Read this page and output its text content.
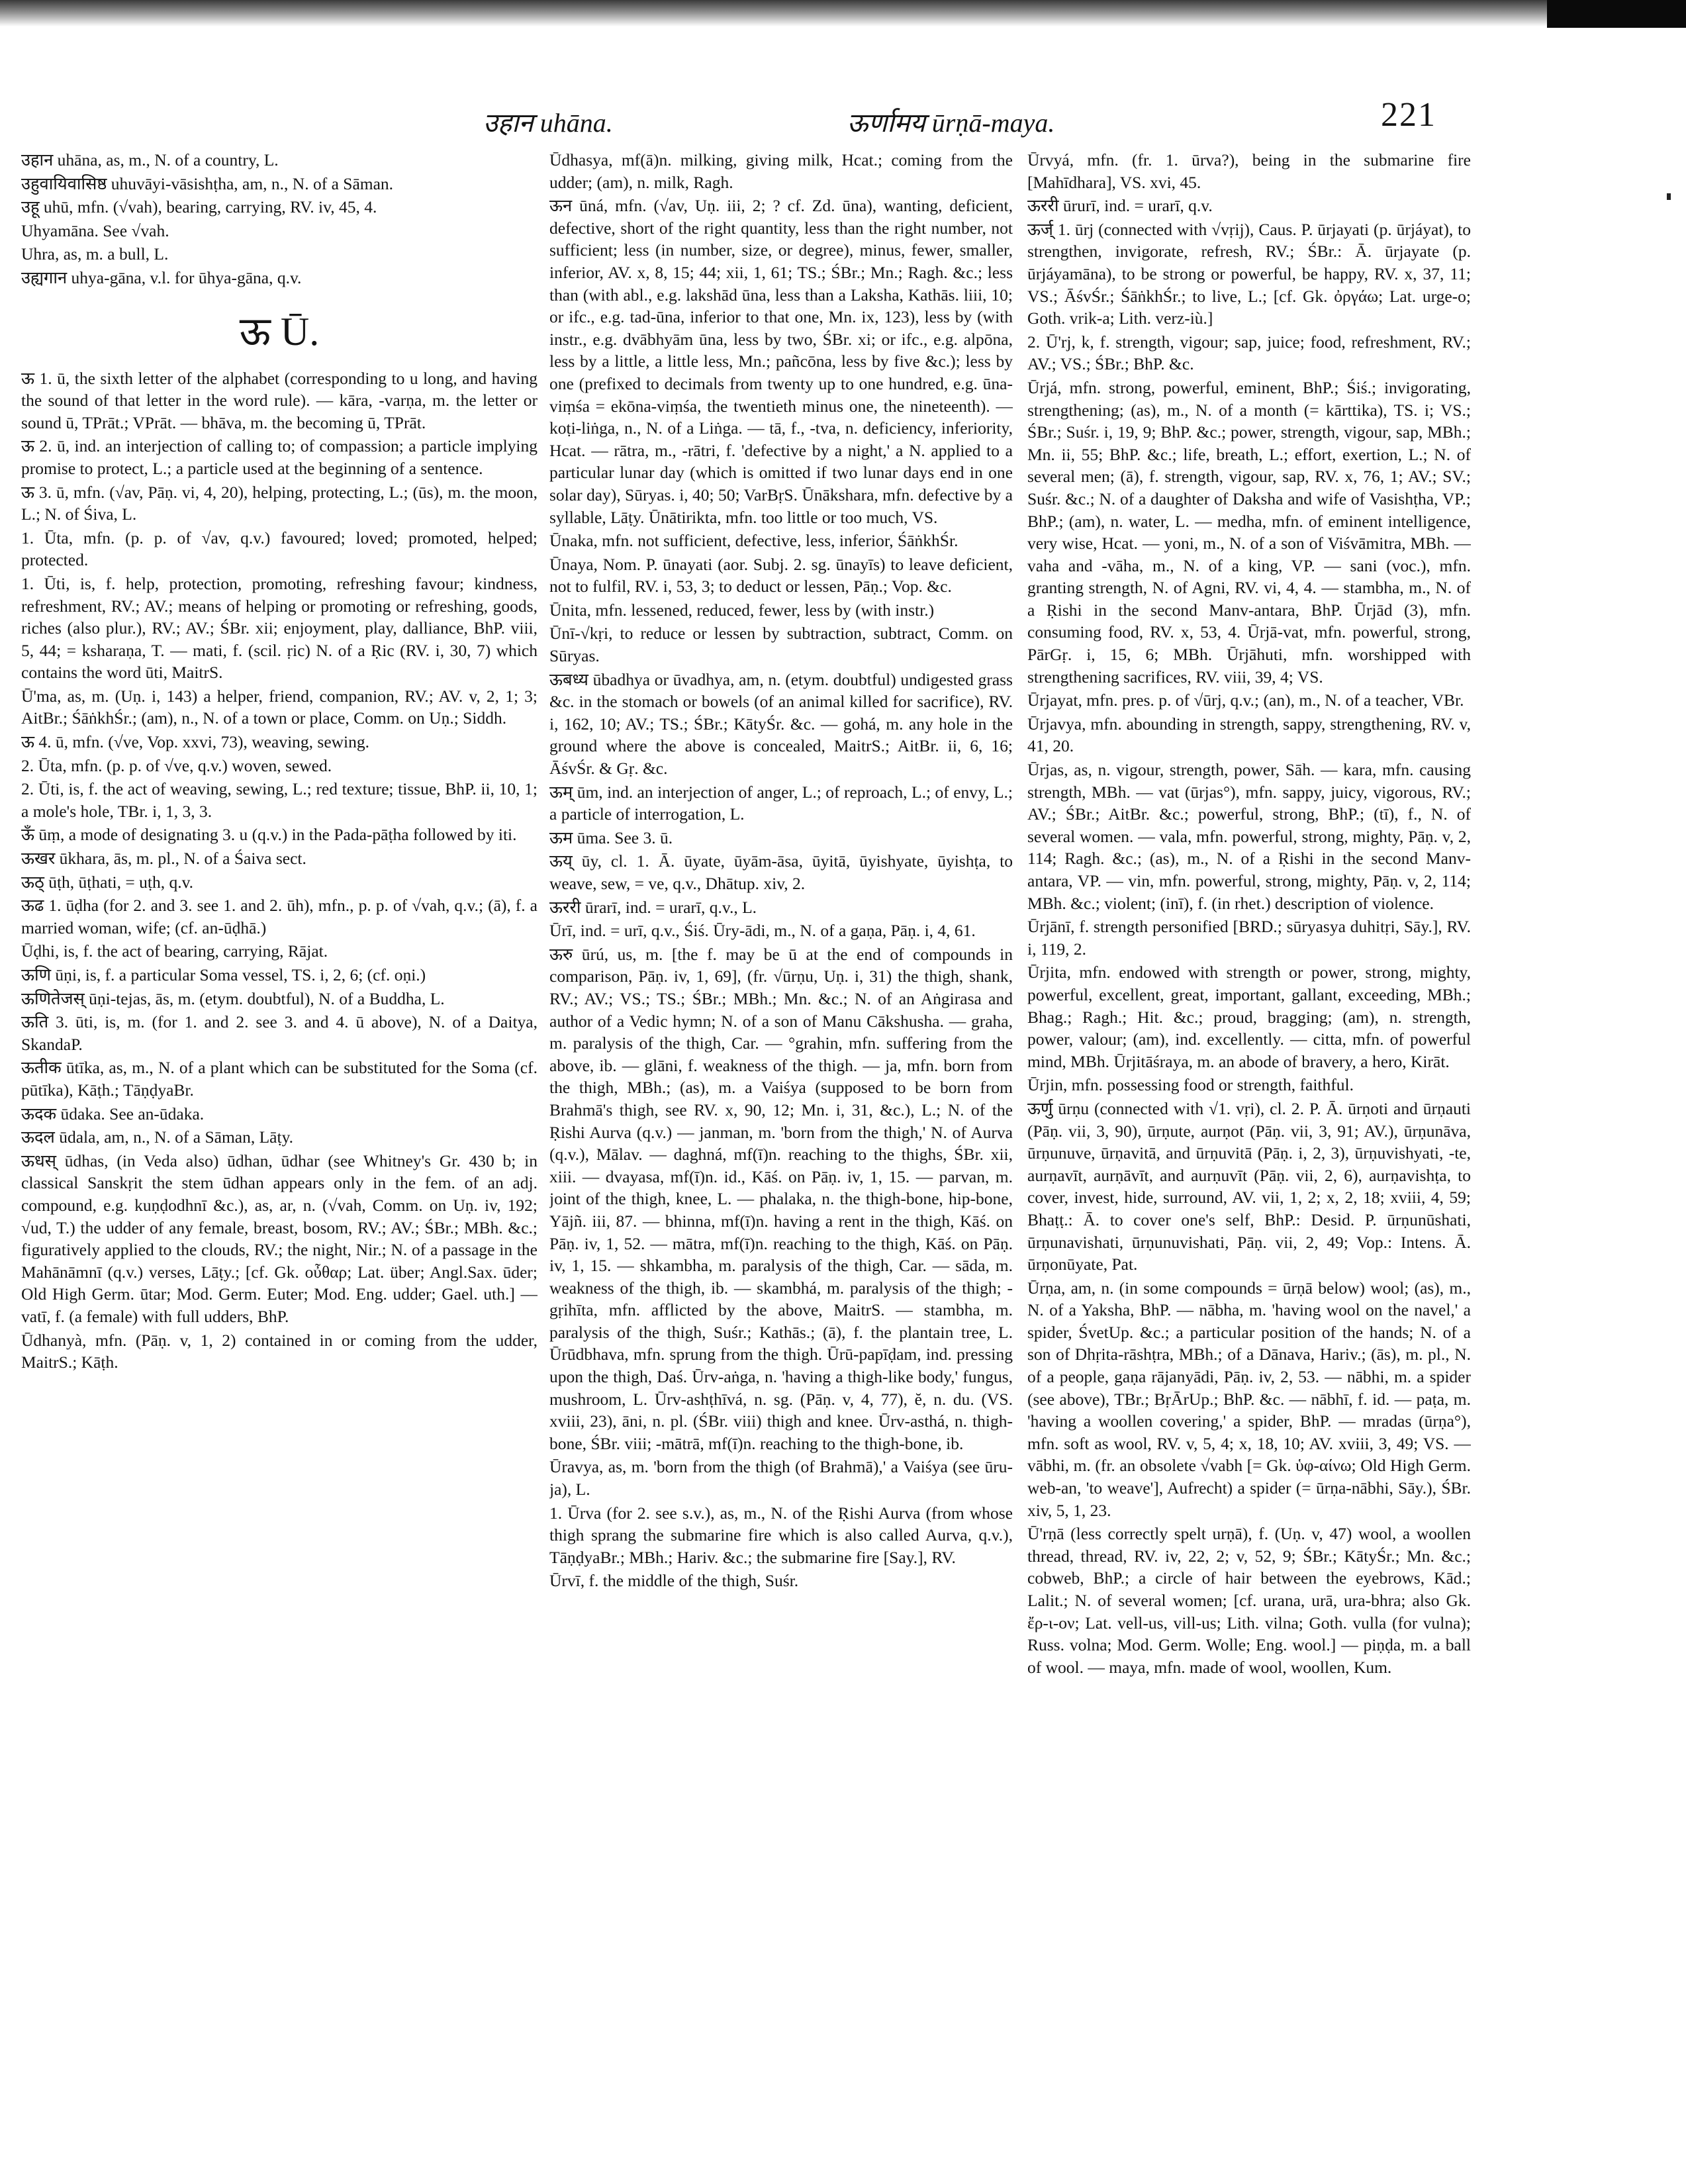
उहान uhāna.	ऊर्णामय ūrṇā-maya.	221
उहान uhāna, as, m., N. of a country, L.
उहुवायिवासिष्ठ uhuvāyi-vāsishṭha, am, n., N. of a Sāman.
उहू uhū, mfn. (√vah), bearing, carrying, RV. iv, 45, 4.
Uhyamāna. See √vah.
Uhra, as, m. a bull, L.
उह्यगान uhya-gāna, v.l. for ūhya-gāna, q.v.
ऊ Ū.
ऊ 1. ū, the sixth letter of the alphabet (corresponding to u long, and having the sound of that letter in the word rule). — kāra, -varṇa, m. the letter or sound ū, TPrāt.; VPrāt. — bhāva, m. the becoming ū, TPrāt.
ऊ 2. ū, ind. an interjection of calling to; of compassion; a particle implying promise to protect, L.; a particle used at the beginning of a sentence.
ऊ 3. ū, mfn. (√av, Pāṇ. vi, 4, 20), helping, protecting, L.; (ūs), m. the moon, L.; N. of Śiva, L.
1. Ūta, mfn. (p. p. of √av, q.v.) favoured; loved; promoted, helped; protected.
1. Ūti, is, f. help, protection, promoting, refreshing favour; kindness, refreshment, RV.; AV.; means of helping or promoting or refreshing, goods, riches (also plur.), RV.; AV.; ŚBr. xii; enjoyment, play, dalliance, BhP. viii, 5, 44; = ksharaṇa, T. — mati, f. (scil. ṛic) N. of a Ṛic (RV. i, 30, 7) which contains the word ūti, MaitrS.
Ū'ma, as, m. (Uṇ. i, 143) a helper, friend, companion, RV.; AV. v, 2, 1; 3; AitBr.; ŚāṅkhŚr.; (am), n., N. of a town or place, Comm. on Uṇ.; Siddh.
ऊ 4. ū, mfn. (√ve, Vop. xxvi, 73), weaving, sewing.
2. Ūta, mfn. (p. p. of √ve, q.v.) woven, sewed.
2. Ūti, is, f. the act of weaving, sewing, L.; red texture; tissue, BhP. ii, 10, 1; a mole's hole, TBr. i, 1, 3, 3.
ऊँ ūṃ, a mode of designating 3. u (q.v.) in the Pada-pāṭha followed by iti.
ऊखर ūkhara, ās, m. pl., N. of a Śaiva sect.
ऊठ् ūṭh, ūṭhati, = uṭh, q.v.
ऊढ 1. ūḍha (for 2. and 3. see 1. and 2. ūh), mfn., p. p. of √vah, q.v.; (ā), f. a married woman, wife; (cf. an-ūḍhā.)
Ūḍhi, is, f. the act of bearing, carrying, Rājat.
ऊणि ūṇi, is, f. a particular Soma vessel, TS. i, 2, 6; (cf. oṇi.)
ऊणितेजस् ūṇi-tejas, ās, m. (etym. doubtful), N. of a Buddha, L.
ऊति 3. ūti, is, m. (for 1. and 2. see 3. and 4. ū above), N. of a Daitya, SkandaP.
ऊतीक ūtīka, as, m., N. of a plant which can be substituted for the Soma (cf. pūtīka), Kāṭh.; TāṇḍyaBr.
ऊदक ūdaka. See an-ūdaka.
ऊदल ūdala, am, n., N. of a Sāman, Lāṭy.
ऊधस् ūdhas, (in Veda also) ūdhan, ūdhar (see Whitney's Gr. 430 b; in classical Sanskṛit the stem ūdhan appears only in the fem. of an adj. compound, e.g. kuṇḍodhnī &c.), as, ar, n. (√vah, Comm. on Uṇ. iv, 192; √ud, T.) the udder of any female, breast, bosom, RV.; AV.; ŚBr.; MBh. &c.; figuratively applied to the clouds, RV.; the night, Nir.; N. of a passage in the Mahānāmnī (q.v.) verses, Lāṭy.; [cf. Gk. οὖθαρ; Lat. über; Angl.Sax. ūder; Old High Germ. ūtar; Mod. Germ. Euter; Mod. Eng. udder; Gael. uth.] — vatī, f. (a female) with full udders, BhP.
Ūdhanyà, mfn. (Pāṇ. v, 1, 2) contained in or coming from the udder, MaitrS.; Kāṭh.
Ūdhasya, mf(ā)n. milking, giving milk, Hcat.; coming from the udder; (am), n. milk, Ragh.
ऊन ūná, mfn. (√av, Uṇ. iii, 2; ? cf. Zd. ūna), wanting, deficient, defective, short of the right quantity, less than the right number, not sufficient; less (in number, size, or degree), minus, fewer, smaller, inferior, AV. x, 8, 15; 44; xii, 1, 61; TS.; ŚBr.; Mn.; Ragh. &c.; less than (with abl., e.g. lakshād ūna, less than a Laksha, Kathās. liii, 10; or ifc., e.g. tad-ūna, inferior to that one, Mn. ix, 123), less by (with instr., e.g. dvābhyām ūna, less by two, ŚBr. xi; or ifc., e.g. alpōna, less by a little, a little less, Mn.; pañcōna, less by five &c.); less by one (prefixed to decimals from twenty up to one hundred, e.g. ūna-viṃśa = ekōna-viṃśa, the twentieth minus one, the nineteenth). — koṭi-liṅga, n., N. of a Liṅga. — tā, f., -tva, n. deficiency, inferiority, Hcat. — rātra, m., -rātri, f. 'defective by a night,' a N. applied to a particular lunar day (which is omitted if two lunar days end in one solar day), Sūryas. i, 40; 50; VarBṛS. Ūnākshara, mfn. defective by a syllable, Lāṭy. Ūnātirikta, mfn. too little or too much, VS.
Ūnaka, mfn. not sufficient, defective, less, inferior, ŚāṅkhŚr.
Ūnaya, Nom. P. ūnayati (aor. Subj. 2. sg. ūnayīs) to leave deficient, not to fulfil, RV. i, 53, 3; to deduct or lessen, Pāṇ.; Vop. &c.
Ūnita, mfn. lessened, reduced, fewer, less by (with instr.)
Ūnī-√kṛi, to reduce or lessen by subtraction, subtract, Comm. on Sūryas.
ऊबध्य ūbadhya or ūvadhya, am, n. (etym. doubtful) undigested grass &c. in the stomach or bowels (of an animal killed for sacrifice), RV. i, 162, 10; AV.; TS.; ŚBr.; KātyŚr. &c. — gohá, m. any hole in the ground where the above is concealed, MaitrS.; AitBr. ii, 6, 16; ĀśvŚr. & Gṛ. &c.
ऊम् ūm, ind. an interjection of anger, L.; of reproach, L.; of envy, L.; a particle of interrogation, L.
ऊम ūma. See 3. ū.
ऊय् ūy, cl. 1. Ā. ūyate, ūyām-āsa, ūyitā, ūyishyate, ūyishṭa, to weave, sew, = ve, q.v., Dhātup. xiv, 2.
ऊररी ūrarī, ind. = urarī, q.v., L.
Ūrī, ind. = urī, q.v., Śiś. Ūry-ādi, m., N. of a gaṇa, Pāṇ. i, 4, 61.
ऊरु ūrú, us, m. [the f. may be ū at the end of compounds in comparison, Pāṇ. iv, 1, 69], (fr. √ūrṇu, Uṇ. i, 31) the thigh, shank, RV.; AV.; VS.; TS.; ŚBr.; MBh.; Mn. &c.; N. of an Aṅgirasa and author of a Vedic hymn; N. of a son of Manu Cākshusha. — graha, m. paralysis of the thigh, Car. — °grahin, mfn. suffering from the above, ib. — glāni, f. weakness of the thigh. — ja, mfn. born from the thigh, MBh.; (as), m. a Vaiśya (supposed to be born from Brahmā's thigh, see RV. x, 90, 12; Mn. i, 31, &c.), L.; N. of the Ṛishi Aurva (q.v.) — janman, m. 'born from the thigh,' N. of Aurva (q.v.), Mālav. — daghná, mf(ī)n. reaching to the thighs, ŚBr. xii, xiii. — dvayasa, mf(ī)n. id., Kāś. on Pāṇ. iv, 1, 15. — parvan, m. joint of the thigh, knee, L. — phalaka, n. the thigh-bone, hip-bone, Yājñ. iii, 87. — bhinna, mf(ī)n. having a rent in the thigh, Kāś. on Pāṇ. iv, 1, 52. — mātra, mf(ī)n. reaching to the thigh, Kāś. on Pāṇ. iv, 1, 15. — shkambha, m. paralysis of the thigh, Car. — sāda, m. weakness of the thigh, ib. — skambhá, m. paralysis of the thigh; -gṛihīta, mfn. afflicted by the above, MaitrS. — stambha, m. paralysis of the thigh, Suśr.; Kathās.; (ā), f. the plantain tree, L. Ūrūdbhava, mfn. sprung from the thigh. Ūrū-papīḍam, ind. pressing upon the thigh, Daś. Ūrv-aṅga, n. 'having a thigh-like body,' fungus, mushroom, L. Ūrv-ashṭhīvá, n. sg. (Pāṇ. v, 4, 77), ĕ, n. du. (VS. xviii, 23), āni, n. pl. (ŚBr. viii) thigh and knee. Ūrv-asthá, n. thigh-bone, ŚBr. viii; -mātrā, mf(ī)n. reaching to the thigh-bone, ib.
Ūravya, as, m. 'born from the thigh (of Brahmā),' a Vaiśya (see ūru-ja), L.
1. Ūrva (for 2. see s.v.), as, m., N. of the Ṛishi Aurva (from whose thigh sprang the submarine fire which is also called Aurva, q.v.), TāṇḍyaBr.; MBh.; Hariv. &c.; the submarine fire [Say.], RV.
Ūrvī, f. the middle of the thigh, Suśr.
Ūrvyá, mfn. (fr. 1. ūrva?), being in the submarine fire [Mahīdhara], VS. xvi, 45.
ऊररी ūrurī, ind. = urarī, q.v.
ऊर्ज् 1. ūrj (connected with √vṛij), Caus. P. ūrjayati (p. ūrjáyat), to strengthen, invigorate, refresh, RV.; ŚBr.: Ā. ūrjayate (p. ūrjáyamāna), to be strong or powerful, be happy, RV. x, 37, 11; VS.; ĀśvŚr.; ŚāṅkhŚr.; to live, L.; [cf. Gk. ὀργάω; Lat. urge-o; Goth. vrik-a; Lith. verz-iù.]
2. Ū'rj, k, f. strength, vigour; sap, juice; food, refreshment, RV.; AV.; VS.; ŚBr.; BhP. &c.
Ūrjá, mfn. strong, powerful, eminent, BhP.; Śiś.; invigorating, strengthening; (as), m., N. of a month (= kārttika), TS. i; VS.; ŚBr.; Suśr. i, 19, 9; BhP. &c.; power, strength, vigour, sap, MBh.; Mn. ii, 55; BhP. &c.; life, breath, L.; effort, exertion, L.; N. of several men; (ā), f. strength, vigour, sap, RV. x, 76, 1; AV.; SV.; Suśr. &c.; N. of a daughter of Daksha and wife of Vasishṭha, VP.; BhP.; (am), n. water, L. — medha, mfn. of eminent intelligence, very wise, Hcat. — yoni, m., N. of a son of Viśvāmitra, MBh. — vaha and -vāha, m., N. of a king, VP. — sani (voc.), mfn. granting strength, N. of Agni, RV. vi, 4, 4. — stambha, m., N. of a Ṛishi in the second Manv-antara, BhP. Ūrjād (3), mfn. consuming food, RV. x, 53, 4. Ūrjā-vat, mfn. powerful, strong, PārGṛ. i, 15, 6; MBh. Ūrjāhuti, mfn. worshipped with strengthening sacrifices, RV. viii, 39, 4; VS.
Ūrjayat, mfn. pres. p. of √ūrj, q.v.; (an), m., N. of a teacher, VBr.
Ūrjavya, mfn. abounding in strength, sappy, strengthening, RV. v, 41, 20.
Ūrjas, as, n. vigour, strength, power, Sāh. — kara, mfn. causing strength, MBh. — vat (ūrjas°), mfn. sappy, juicy, vigorous, RV.; AV.; ŚBr.; AitBr. &c.; powerful, strong, BhP.; (tī), f., N. of several women. — vala, mfn. powerful, strong, mighty, Pāṇ. v, 2, 114; Ragh. &c.; (as), m., N. of a Ṛishi in the second Manv-antara, VP. — vin, mfn. powerful, strong, mighty, Pāṇ. v, 2, 114; MBh. &c.; violent; (inī), f. (in rhet.) description of violence.
Ūrjānī, f. strength personified [BRD.; sūryasya duhitṛi, Sāy.], RV. i, 119, 2.
Ūrjita, mfn. endowed with strength or power, strong, mighty, powerful, excellent, great, important, gallant, exceeding, MBh.; Bhag.; Ragh.; Hit. &c.; proud, bragging; (am), n. strength, power, valour; (am), ind. excellently. — citta, mfn. of powerful mind, MBh. Ūrjitāśraya, m. an abode of bravery, a hero, Kirāt.
Ūrjin, mfn. possessing food or strength, faithful.
ऊर्णु ūrṇu (connected with √1. vṛi), cl. 2. P. Ā. ūrṇoti and ūrṇauti (Pāṇ. vii, 3, 90), ūrṇute, aurṇot (Pāṇ. vii, 3, 91; AV.), ūrṇunāva, ūrṇunuve, ūrṇavitā, and ūrṇuvitā (Pāṇ. i, 2, 3), ūrṇuvishyati, -te, aurṇavīt, aurṇāvīt, and aurṇuvīt (Pāṇ. vii, 2, 6), aurṇavishṭa, to cover, invest, hide, surround, AV. vii, 1, 2; x, 2, 18; xviii, 4, 59; Bhaṭṭ.: Ā. to cover one's self, BhP.: Desid. P. ūrṇunūshati, ūrṇunavishati, ūrṇunuvishati, Pāṇ. vii, 2, 49; Vop.: Intens. Ā. ūrṇonūyate, Pat.
Ūrṇa, am, n. (in some compounds = ūrṇā below) wool; (as), m., N. of a Yaksha, BhP. — nābha, m. 'having wool on the navel,' a spider, ŚvetUp. &c.; a particular position of the hands; N. of a son of Dhṛita-rāshṭra, MBh.; of a Dānava, Hariv.; (ās), m. pl., N. of a people, gaṇa rājanyādi, Pāṇ. iv, 2, 53. — nābhi, m. a spider (see above), TBr.; BṛĀrUp.; BhP. &c. — nābhī, f. id. — paṭa, m. 'having a woollen covering,' a spider, BhP. — mradas (ūrṇa°), mfn. soft as wool, RV. v, 5, 4; x, 18, 10; AV. xviii, 3, 49; VS. — vābhi, m. (fr. an obsolete √vabh [= Gk. ὑφ-αίνω; Old High Germ. web-an, 'to weave'], Aufrecht) a spider (= ūrṇa-nābhi, Sāy.), ŚBr. xiv, 5, 1, 23.
Ū'rṇā (less correctly spelt urṇā), f. (Uṇ. v, 47) wool, a woollen thread, thread, RV. iv, 22, 2; v, 52, 9; ŚBr.; KātyŚr.; Mn. &c.; cobweb, BhP.; a circle of hair between the eyebrows, Kād.; Lalit.; N. of several women; [cf. urana, urā, ura-bhra; also Gk. ἔρ-ι-ον; Lat. vell-us, vill-us; Lith. vilna; Goth. vulla (for vulna); Russ. volna; Mod. Germ. Wolle; Eng. wool.] — piṇḍa, m. a ball of wool. — maya, mfn. made of wool, woollen, Kum.
